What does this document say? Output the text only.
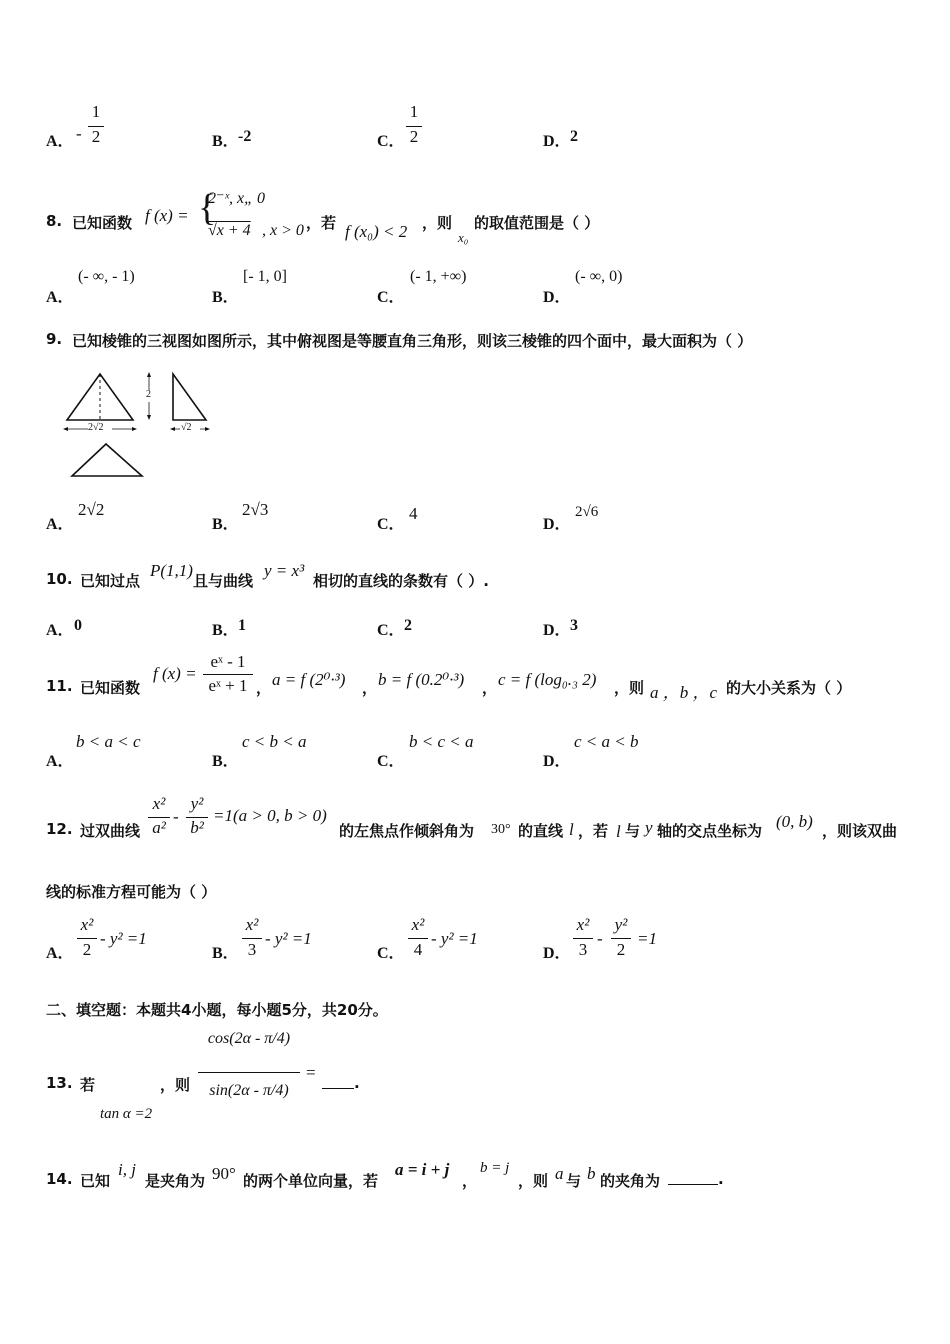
A． -
1
2	B． -2	C．
1
2	D． 2
8. 已知函数 f (x) = {
2⁻ˣ, x„ 0
√x + 4 , x > 0 ，若 f (x₀) < 2 ，则
x₀
的取值范围是（ ）
A．
(- ∞, - 1)
B．
[- 1, 0]
C．
(- 1, +∞)
D．
(- ∞, 0)
9. 已知棱锥的三视图如图所示，其中俯视图是等腰直角三角形，则该三棱锥的四个面中，最大面积为（ ）
2√2
2
√2
A．
2√2
B．
2√3
C．
4
D．
2√6
10. 已知过点
P(1,1)
且与曲线
y = x³
相切的直线的条数有（ ）.
A． 0	B． 1	C． 2	D． 3
11. 已知函数
f (x) =
eˣ - 1
eˣ + 1 ， a = f (2⁰·³) ， b = f (0.2⁰·³) ， c = f (log₀.₃ 2) ，则 a ，b ，c 的大小关系为（ ）
A．
b < a < c
B．
c < b < a
C．
b < c < a
D．
c < a < b
12. 过双曲线
x²
a²
-
y²
b²
=1(a > 0, b > 0)
的左焦点作倾斜角为 30° 的直线 l ，若 l 与 y 轴的交点坐标为 (0, b) ，则该双曲
线的标准方程可能为（ ）
A．
x²
2
- y² =1
B．
x²
3
- y² =1
C．
x²
4
- y² =1
D．
x²
3
-
y²
2
=1
二、填空题：本题共4小题，每小题5分，共20分。
13. 若
tan α =2
，则
cos(2α - π/4)
sin(2α - π/4)
=
.
14. 已知
i, j
是夹角为 90° 的两个单位向量，若
a = i + j
，
b = j
，则 a 与 b 的夹角为	.
